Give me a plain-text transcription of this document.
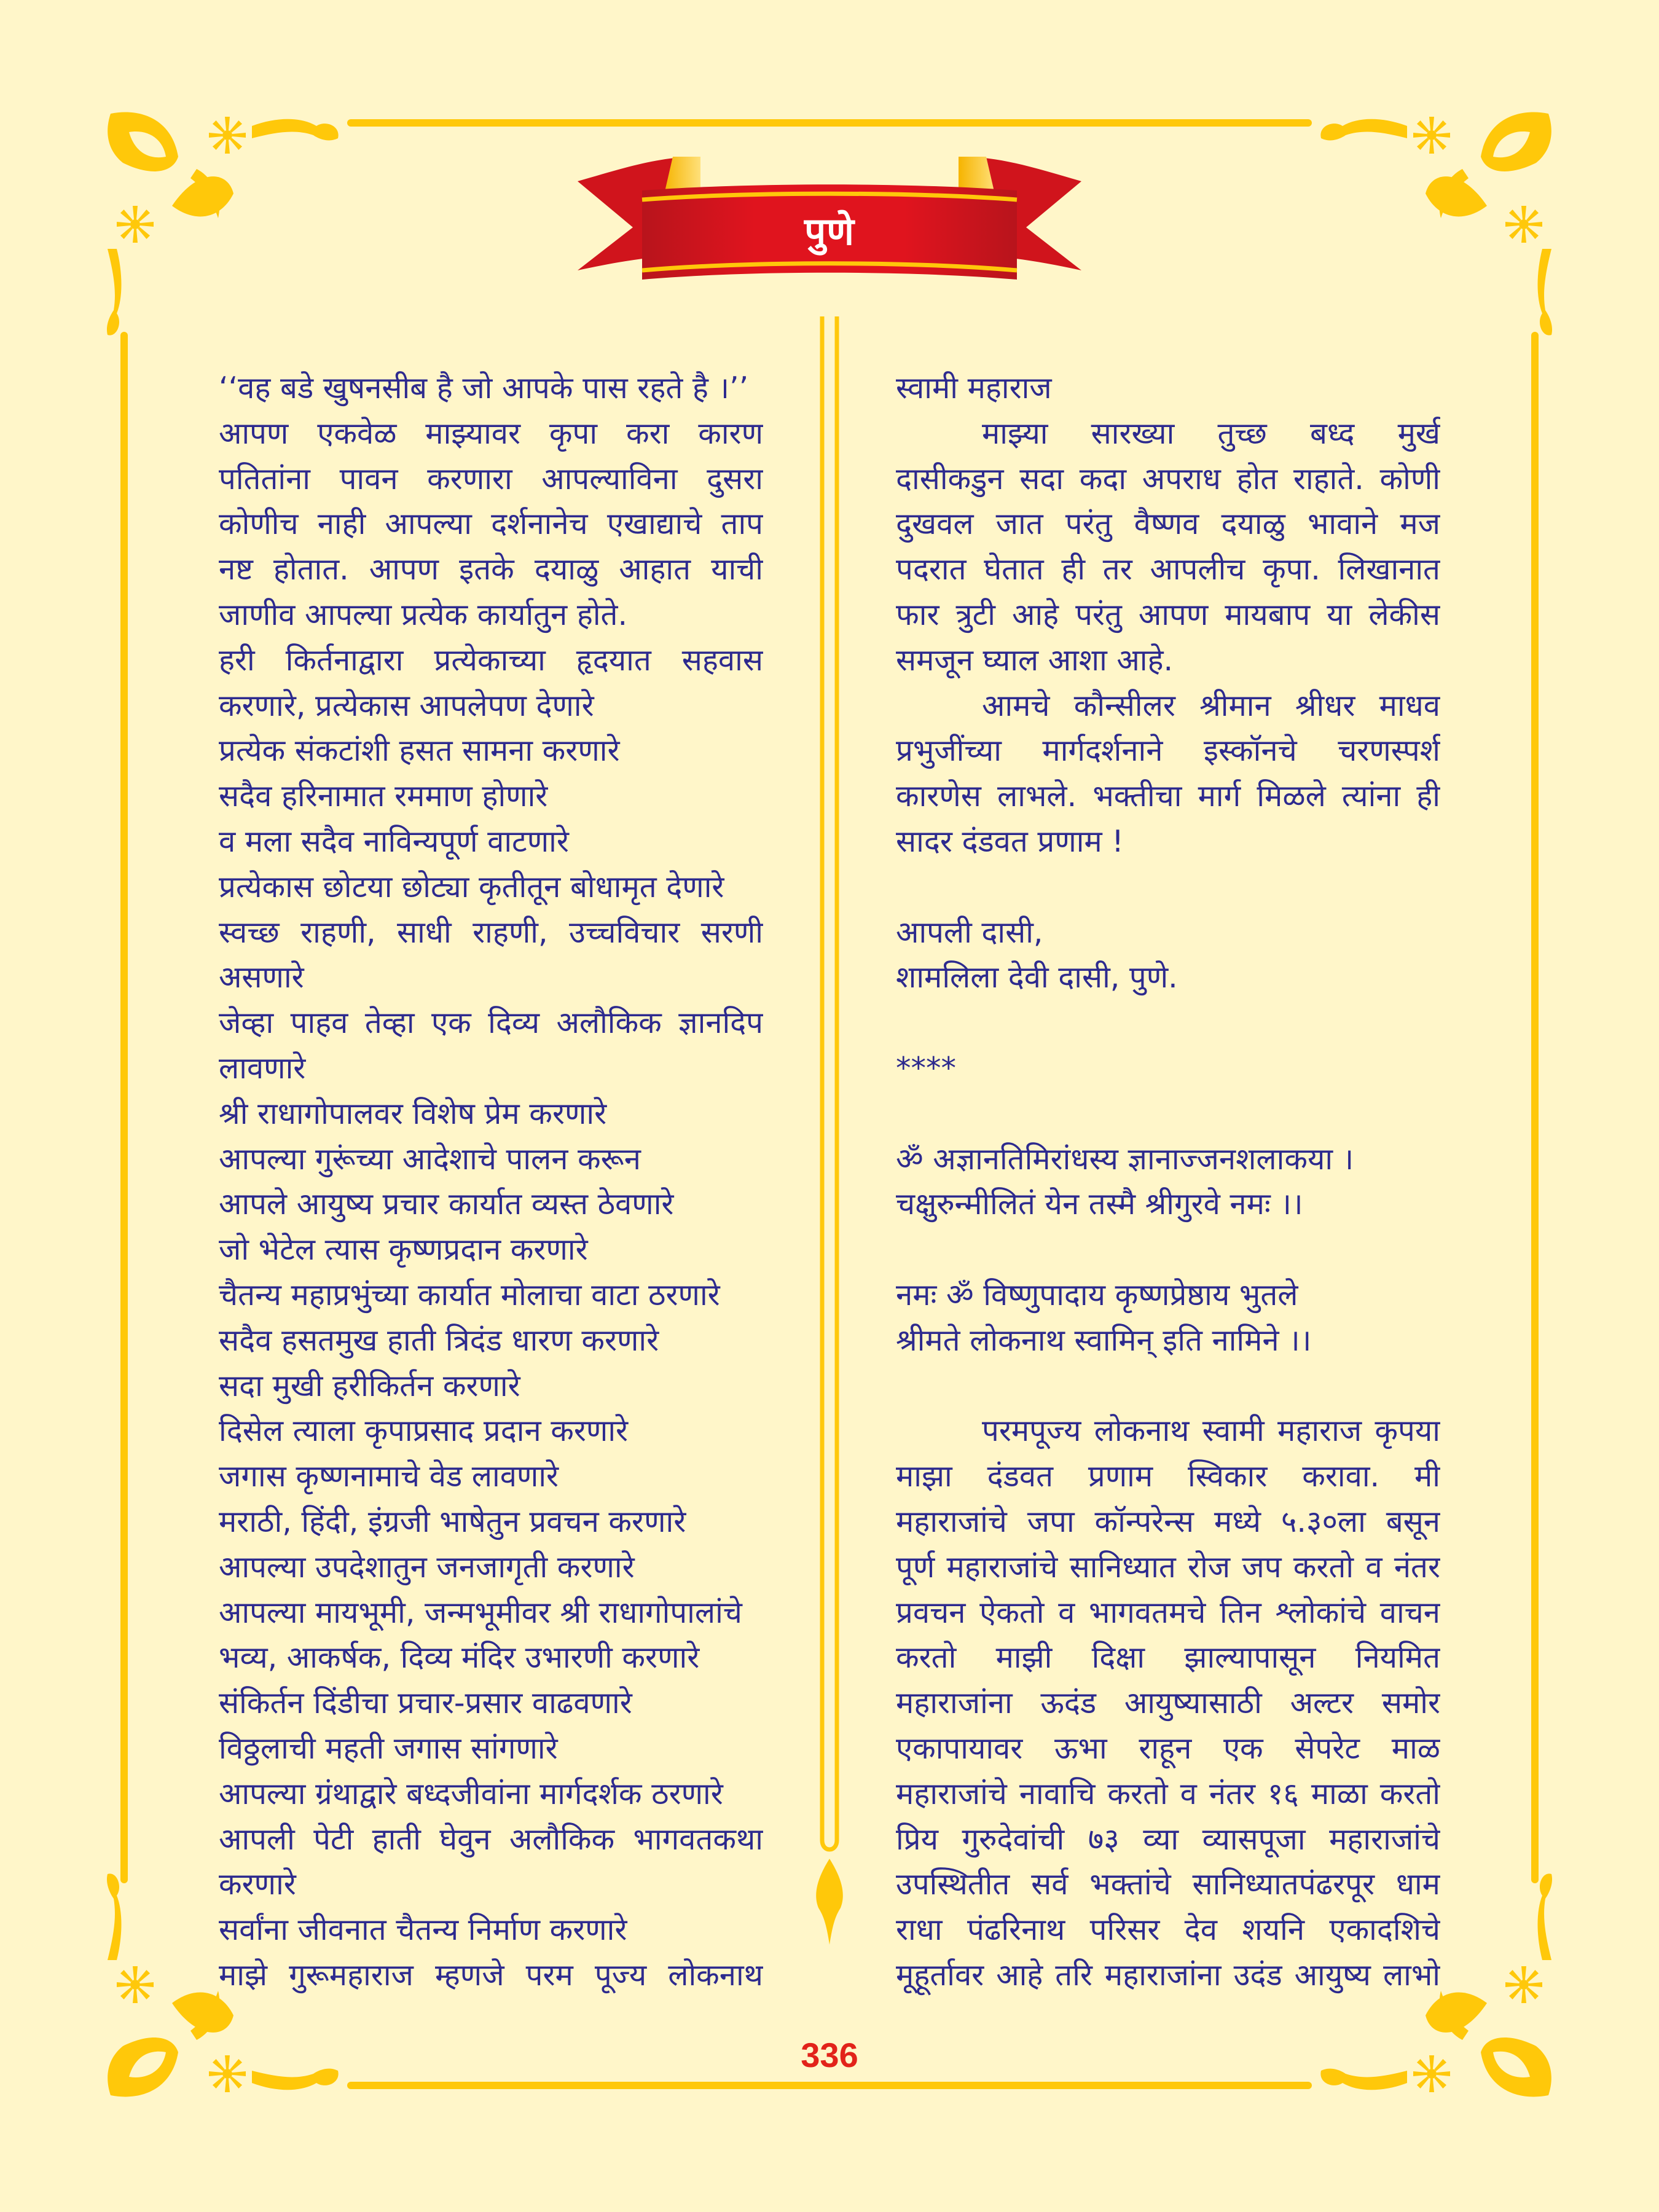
पुणे
‘‘वह बडे खुषनसीब है जो आपके पास रहते है ।’’
आपण एकवेळ माझ्यावर कृपा करा कारण
पतितांना पावन करणारा आपल्याविना दुसरा
कोणीच नाही आपल्या दर्शनानेच एखाद्याचे ताप
नष्ट होतात. आपण इतके दयाळु आहात याची
जाणीव आपल्या प्रत्येक कार्यातुन होते.
हरी किर्तनाद्वारा प्रत्येकाच्या हृदयात सहवास
करणारे, प्रत्येकास आपलेपण देणारे
प्रत्येक संकटांशी हसत सामना करणारे
सदैव हरिनामात रममाण होणारे
व मला सदैव नाविन्यपूर्ण वाटणारे
प्रत्येकास छोटया छोट्या कृतीतून बोधामृत देणारे
स्वच्छ राहणी, साधी राहणी, उच्चविचार सरणी
असणारे
जेव्हा पाहव तेव्हा एक दिव्य अलौकिक ज्ञानदिप
लावणारे
श्री राधागोपालवर विशेष प्रेम करणारे
आपल्या गुरूंच्या आदेशाचे पालन करून
आपले आयुष्य प्रचार कार्यात व्यस्त ठेवणारे
जो भेटेल त्यास कृष्णप्रदान करणारे
चैतन्य महाप्रभुंच्या कार्यात मोलाचा वाटा ठरणारे
सदैव हसतमुख हाती त्रिदंड धारण करणारे
सदा मुखी हरीकिर्तन करणारे
दिसेल त्याला कृपाप्रसाद प्रदान करणारे
जगास कृष्णनामाचे वेड लावणारे
मराठी, हिंदी, इंग्रजी भाषेतुन प्रवचन करणारे
आपल्या उपदेशातुन जनजागृती करणारे
आपल्या मायभूमी, जन्मभूमीवर श्री राधागोपालांचे
भव्य, आकर्षक, दिव्य मंदिर उभारणी करणारे
संकिर्तन दिंडीचा प्रचार-प्रसार वाढवणारे
विठ्ठलाची महती जगास सांगणारे
आपल्या ग्रंथाद्वारे बध्दजीवांना मार्गदर्शक ठरणारे
आपली पेटी हाती घेवुन अलौकिक भागवतकथा
करणारे
सर्वांना जीवनात चैतन्य निर्माण करणारे
माझे गुरूमहाराज म्हणजे परम पूज्य लोकनाथ
स्वामी महाराज
माझ्या सारख्या तुच्छ बध्द मुर्ख
दासीकडुन सदा कदा अपराध होत राहाते. कोणी
दुखवल जात परंतु वैष्णव दयाळु भावाने मज
पदरात घेतात ही तर आपलीच कृपा. लिखानात
फार त्रुटी आहे परंतु आपण मायबाप या लेकीस
समजून घ्याल आशा आहे.
आमचे कौन्सीलर श्रीमान श्रीधर माधव
प्रभुजींच्या मार्गदर्शनाने इस्कॉनचे चरणस्पर्श
कारणेस लाभले. भक्तीचा मार्ग मिळले त्यांना ही
सादर दंडवत प्रणाम !
आपली दासी,
शामलिला देवी दासी, पुणे.
****
ॐ अज्ञानतिमिरांधस्य ज्ञानाज्जनशलाकया ।
चक्षुरुन्मीलितं येन तस्मै श्रीगुरवे नमः ।।
नमः ॐ विष्णुपादाय कृष्णप्रेष्ठाय भुतले
श्रीमते लोकनाथ स्वामिन् इति नामिने ।।
परमपूज्य लोकनाथ स्वामी महाराज कृपया
माझा दंडवत प्रणाम स्विकार करावा. मी
महाराजांचे जपा कॉन्परेन्स मध्ये ५.३०ला बसून
पूर्ण महाराजांचे सानिध्यात रोज जप करतो व नंतर
प्रवचन ऐकतो व भागवतमचे तिन श्लोकांचे वाचन
करतो माझी दिक्षा झाल्यापासून नियमित
महाराजांना ऊदंड आयुष्यासाठी अल्टर समोर
एकापायावर ऊभा राहून एक सेपरेट माळ
महाराजांचे नावाचि करतो व नंतर १६ माळा करतो
प्रिय गुरुदेवांची ७३ व्या व्यासपूजा महाराजांचे
उपस्थितीत सर्व भक्तांचे सानिध्यातपंढरपूर धाम
राधा पंढरिनाथ परिसर देव शयनि एकादशिचे
मूहूर्तावर आहे तरि महाराजांना उदंड आयुष्य लाभो
336
